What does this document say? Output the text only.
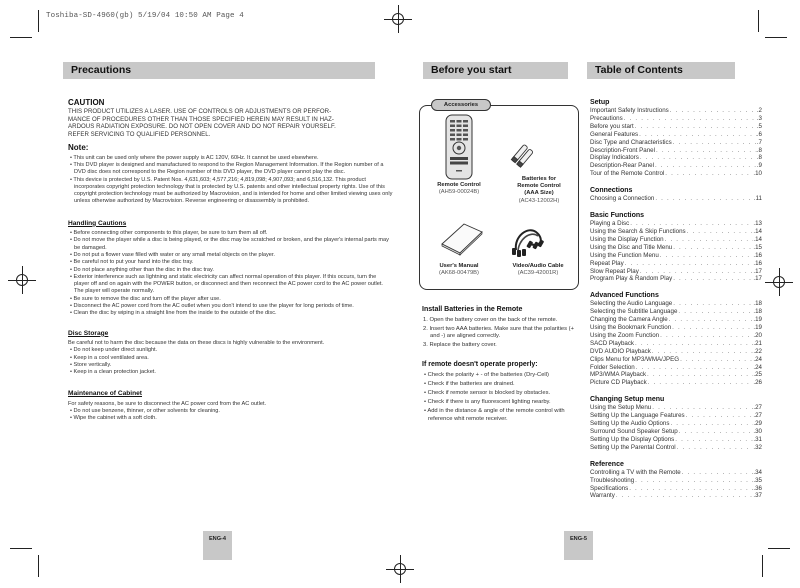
Toshiba-SD-4960(gb) 5/19/04 10:50 AM Page 4
Precautions
CAUTION
THIS PRODUCT UTILIZES A LASER. USE OF CONTROLS OR ADJUSTMENTS OR PERFOR-
MANCE OF PROCEDURES OTHER THAN THOSE SPECIFIED HEREIN MAY RESULT IN HAZ-
ARDOUS RADIATION EXPOSURE. DO NOT OPEN COVER AND DO NOT REPAIR YOURSELF.
REFER SERVICING TO QUALIFIED PERSONNEL.
Note:
• This unit can be used only where the power supply is AC 120V, 60Hz. It cannot be used elsewhere.
• This DVD player is designed and manufactured to respond to the Region Management Information. If the Region number of a DVD disc does not correspond to the Region number of this DVD player, the DVD player cannot play the disc.
• This device is protected by U.S. Patent Nos. 4,631,603; 4,577,216; 4,819,098; 4,907,093; and 6,516,132. This product incorporates copyright protection technology that is protected by U.S. patents and other intellectual property rights. Use of this copyright protection technology must be authorized by Macrovision, and is intended for home and other limited viewing uses only unless otherwise authorized by Macrovision. Reverse engineering or disassembly is prohibited.
Handling Cautions
• Before connecting other components to this player, be sure to turn them all off.
• Do not move the player while a disc is being played, or the disc may be scratched or broken, and the player's internal parts may be damaged.
• Do not put a flower vase filled with water or any small metal objects on the player.
• Be careful not to put your hand into the disc tray.
• Do not place anything other than the disc in the disc tray.
• Exterior interference such as lightning and static electricity can affect normal operation of this player. If this occurs, turn the player off and on again with the POWER button, or disconnect and then reconnect the AC power cord to the AC power outlet. The player will operate normally.
• Be sure to remove the disc and turn off the player after use.
• Disconnect the AC power cord from the AC outlet when you don't intend to use the player for long periods of time.
• Clean the disc by wiping in a straight line from the inside to the outside of the disc.
Disc Storage
Be careful not to harm the disc because the data on these discs is highly vulnerable to the environment.
• Do not keep under direct sunlight.
• Keep in a cool ventilated area.
• Store vertically.
• Keep in a clean protection jacket.
Maintenance of Cabinet
For safety reasons, be sure to disconnect the AC power cord from the AC outlet.
• Do not use benzene, thinner, or other solvents for cleaning.
• Wipe the cabinet with a soft cloth.
ENG-4
Before you start
Accessories
Remote Control
(AH59-00024B)
Batteries for
Remote Control
(AAA Size)
(AC43-12002H)
User's Manual
(AK68-00479B)
Video/Audio Cable
(AC39-42001R)
Install Batteries in the Remote
1. Open the battery cover on the back of the remote.
2. Insert two AAA batteries. Make sure that the polarities (+ and -) are aligned correctly.
3. Replace the battery cover.
If remote doesn't operate properly:
• Check the polarity + - of the batteries (Dry-Cell)
• Check if the batteries are drained.
• Check if remote sensor is blocked by obstacles.
• Check if there is any fluorescent lighting nearby.
• Add in the distance & angle of the remote control with reference whit remote receiver.
ENG-5
Table of Contents
Setup
Important Safety Instructions . . .	.2
Precautions . . .	.3
Before you start . . .	.5
General Features . . .	.6
Disc Type and Characteristics . . .	.7
Description-Front Panel . . .	.8
Display Indicators . . .	.8
Description-Rear Panel . . .	.9
Tour of the Remote Control . . .	.10
Connections
Choosing a Connection . . .	.11
Basic Functions
Playing a Disc . . .	.13
Using the Search & Skip Functions . . .	.14
Using the Display Function . . .	.14
Using the Disc and Title Menu . . .	.15
Using the Function Menu . . .	.16
Repeat Play . . .	.16
Slow Repeat Play . . .	.17
Program Play & Random Play . . .	.17
Advanced Functions
Selecting the Audio Language . . .	.18
Selecting the Subtitle Language . . .	.18
Changing the Camera Angle . . .	.19
Using the Bookmark Function . . .	.19
Using the Zoom Function . . .	.20
SACD Playback . . .	.21
DVD AUDIO Playback . . .	.22
Clips Menu for MP3/WMA/JPEG . . .	.24
Folder Selection . . .	.24
MP3/WMA Playback . . .	.25
Picture CD Playback . . .	.26
Changing Setup menu
Using the Setup Menu . . .	.27
Setting Up the Language Features . . .	.27
Setting Up the Audio Options . . .	.29
Surround Sound Speaker Setup . . .	.30
Setting Up the Display Options . . .	.31
Setting Up the Parental Control . . .	.32
Reference
Controlling a TV with the Remote . . .	.34
Troubleshooting . . .	.35
Specifications . . .	.36
Warranty . . .	.37
